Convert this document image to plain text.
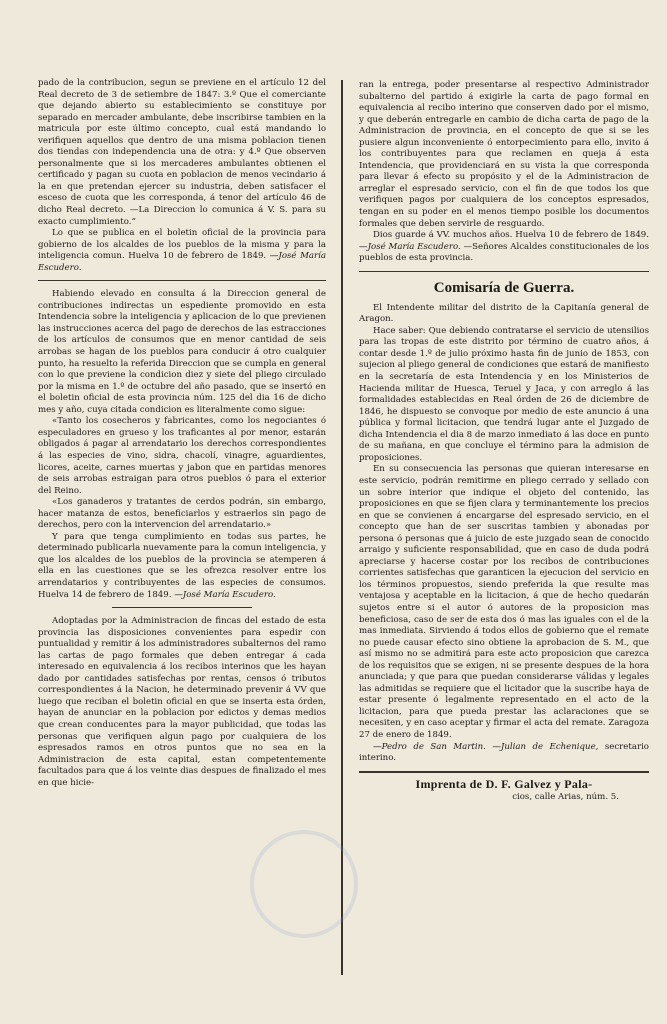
pado de la contribucion, segun se previene en el artículo 12 del Real decreto de 3 de setiembre de 1847: 3.º Que el comerciante que dejando abierto su establecimiento se constituye por separado en mercader ambulante, debe inscribirse tambien en la matricula por este último concepto, cual está mandando lo verifiquen aquellos que dentro de una misma poblacion tienen dos tiendas con independencia una de otra: y 4.º Que observen personalmente que si los mercaderes ambulantes obtienen el certificado y pagan su cuota en poblacion de menos vecindario á la en que pretendan ejercer su industria, deben satisfacer el esceso de cuota que les corresponda, á tenor del artículo 46 de dicho Real decreto. —La Direccion lo comunica á V. S. para su exacto cumplimiento.“

Lo que se publica en el boletin oficial de la provincia para gobierno de los alcaldes de los pueblos de la misma y para la inteligencia comun. Huelva 10 de febrero de 1849. —José María Escudero.

Habiendo elevado en consulta á la Direccion general de contribuciones indirectas un espediente promovido en esta Intendencia sobre la inteligencia y aplicacion de lo que previenen las instrucciones acerca del pago de derechos de las estracciones de los artículos de consumos que en menor cantidad de seis arrobas se hagan de los pueblos para conducir á otro cualquier punto, ha resuelto la referida Direccion que se cumpla en general con lo que previene la condicion diez y siete del pliego circulado por la misma en 1.º de octubre del año pasado, que se insertó en el boletin oficial de esta provincia núm. 125 del dia 16 de dicho mes y año, cuya citada condicion es literalmente como sigue:

«Tanto los cosecheros y fabricantes, como los negociantes ó especuladores en grueso y los traficantes al por menor, estarán obligados á pagar al arrendatario los derechos correspondientes á las especies de vino, sidra, chacolí, vinagre, aguardientes, licores, aceite, carnes muertas y jabon que en partidas menores de seis arrobas estraigan para otros pueblos ó para el exterior del Reino.

«Los ganaderos y tratantes de cerdos podrán, sin embargo, hacer matanza de estos, beneficiarlos y estraerlos sin pago de derechos, pero con la intervencion del arrendatario.»

Y para que tenga cumplimiento en todas sus partes, he determinado publicarla nuevamente para la comun inteligencia, y que los alcaldes de los pueblos de la provincia se atemperen á ella en las cuestiones que se les ofrezca resolver entre los arrendatarios y contribuyentes de las especies de consumos. Huelva 14 de febrero de 1849. —José María Escudero.

Adoptadas por la Administracion de fincas del estado de esta provincia las disposiciones convenientes para espedir con puntualidad y remitir á los administradores subalternos del ramo las cartas de pago formales que deben entregar á cada interesado en equivalencia á los recibos interinos que les hayan dado por cantidades satisfechas por rentas, censos ó tributos correspondientes á la Nacion, he determinado prevenir á VV que luego que reciban el boletin oficial en que se inserta esta órden, hayan de anunciar en la poblacion por edictos y demas medios que crean conducentes para la mayor publicidad, que todas las personas que verifiquen algun pago por cualquiera de los espresados ramos en otros puntos que no sea en la Administracion de esta capital, estan competentemente facultados para que á los veinte dias despues de finalizado el mes en que hicie-

ran la entrega, poder presentarse al respectivo Administrador subalterno del partido á exigirle la carta de pago formal en equivalencia al recibo interino que conserven dado por el mismo, y que deberán entregarle en cambio de dicha carta de pago de la Administracion de provincia, en el concepto de que si se les pusiere algun inconveniente ó entorpecimiento para ello, invito á los contribuyentes para que reclamen en queja á esta Intendencia, que providenciará en su vista la que corresponda para llevar á efecto su propósito y el de la Administracion de arreglar el espresado servicio, con el fin de que todos los que verifiquen pagos por cualquiera de los conceptos espresados, tengan en su poder en el menos tiempo posible los documentos formales que deben servirle de resguardo.

Dios guarde á VV. muchos años. Huelva 10 de febrero de 1849. —José María Escudero. —Señores Alcaldes constitucionales de los pueblos de esta provincia.

Comisaría de Guerra.

El Intendente militar del distrito de la Capitanía general de Aragon.

Hace saber: Que debiendo contratarse el servicio de utensilios para las tropas de este distrito por término de cuatro años, á contar desde 1.º de julio próximo hasta fin de junio de 1853, con sujecion al pliego general de condiciones que estará de manifiesto en la secretaría de esta Intendencia y en los Ministerios de Hacienda militar de Huesca, Teruel y Jaca, y con arreglo á las formalidades establecidas en Real órden de 26 de diciembre de 1846, he dispuesto se convoque por medio de este anuncio á una pública y formal licitacion, que tendrá lugar ante el Juzgado de dicha Intendencia el dia 8 de marzo inmediato á las doce en punto de su mañana, en que concluye el término para la admision de proposiciones.

En su consecuencia las personas que quieran interesarse en este servicio, podrán remitirme en pliego cerrado y sellado con un sobre interior que indique el objeto del contenido, las proposiciones en que se fijen clara y terminantemente los precios en que se convienen á encargarse del espresado servicio, en el concepto que han de ser suscritas tambien y abonadas por persona ó personas que á juicio de este juzgado sean de conocido arraigo y suficiente responsabilidad, que en caso de duda podrá apreciarse y hacerse costar por los recibos de contribuciones corrientes satisfechas que garanticen la ejecucion del servicio en los términos propuestos, siendo preferida la que resulte mas ventajosa y aceptable en la licitacion, á que de hecho quedarán sujetos entre si el autor ó autores de la proposicion mas beneficiosa, caso de ser de esta dos ó mas las iguales con el de la mas inmediata. Sirviendo á todos ellos de gobierno que el remate no puede causar efecto sino obtiene la aprobacion de S. M., que así mismo no se admitirá para este acto proposicion que carezca de los requisitos que se exigen, ni se presente despues de la hora anunciada; y que para que puedan considerarse válidas y legales las admitidas se requiere que el licitador que la suscribe haya de estar presente ó legalmente representado en el acto de la licitacion, para que pueda prestar las aclaraciones que se necesiten, y en caso aceptar y firmar el acta del remate. Zaragoza 27 de enero de 1849.

—Pedro de San Martin. —Julian de Echenique, secretario interino.

Imprenta de D. F. Galvez y Pala-
cios, calle Arias, núm. 5.
